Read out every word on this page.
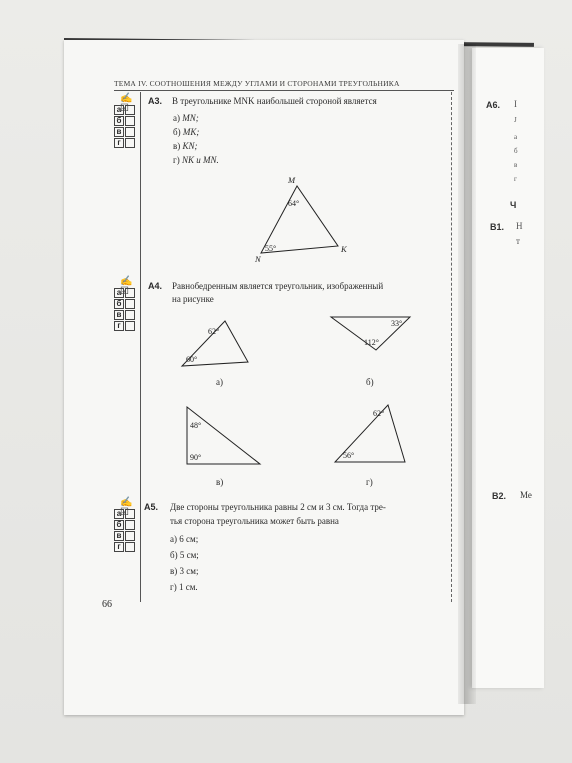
ТЕМА IV. СООТНОШЕНИЯ МЕЖДУ УГЛАМИ И СТОРОНАМИ ТРЕУГОЛЬНИКА
✍☑
а
б
в
г
А3. В треугольнике MNK наибольшей стороной является
а) MN;
б) MK;
в) KN;
г) NK и MN.
M
N
K
64°
55°
✍☑
а
б
в
г
А4. Равнобедренным является треугольник, изображенный
на рисунке
62°
60°
а)
33°
112°
б)
48°
90°
в)
62°
56°
г)
✍☑
а
б
в
г
А5. Две стороны треугольника равны 2 см и 3 см. Тогда тре-
тья сторона треугольника может быть равна
а) 6 см;
б) 5 см;
в) 3 см;
г) 1 см.
66
А6. I
J
а
б
в
г
Ч
В1. Н
т
В2. Ме
